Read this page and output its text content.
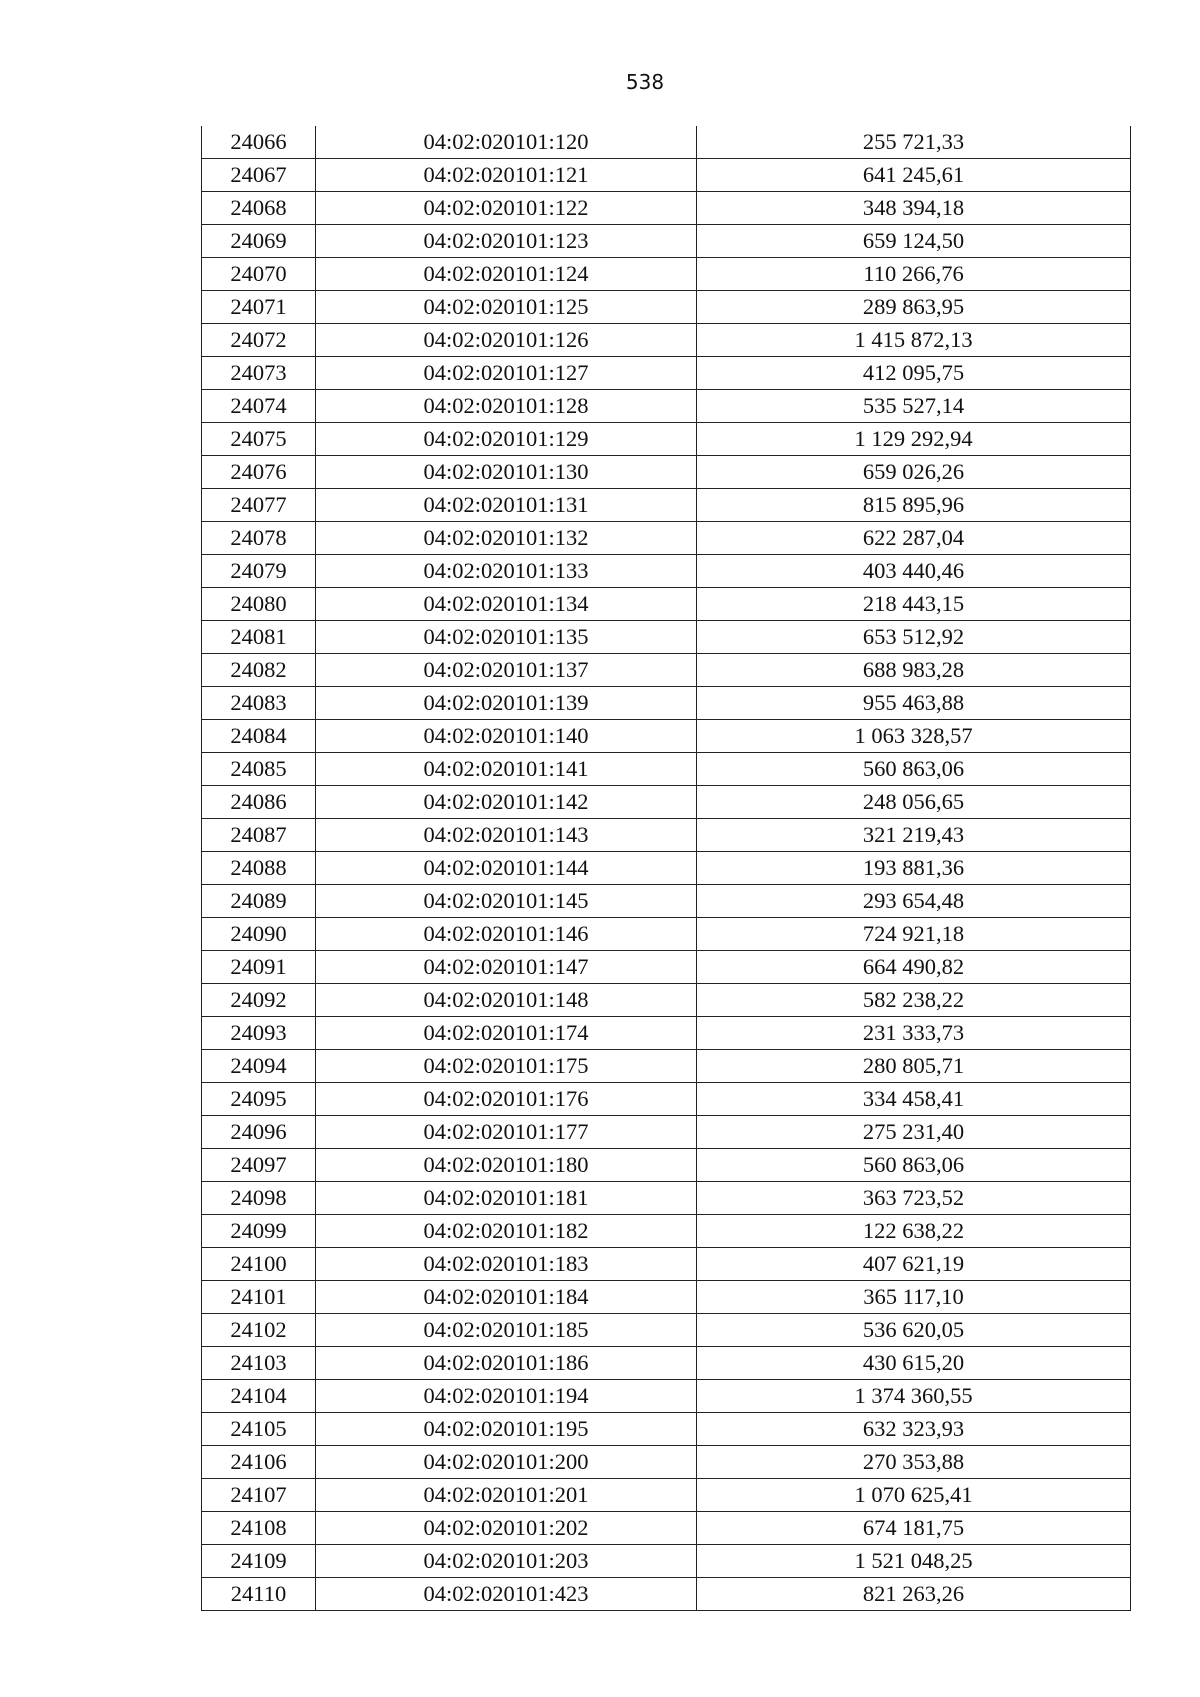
538
24066	04:02:020101:120	255 721,33
24067	04:02:020101:121	641 245,61
24068	04:02:020101:122	348 394,18
24069	04:02:020101:123	659 124,50
24070	04:02:020101:124	110 266,76
24071	04:02:020101:125	289 863,95
24072	04:02:020101:126	1 415 872,13
24073	04:02:020101:127	412 095,75
24074	04:02:020101:128	535 527,14
24075	04:02:020101:129	1 129 292,94
24076	04:02:020101:130	659 026,26
24077	04:02:020101:131	815 895,96
24078	04:02:020101:132	622 287,04
24079	04:02:020101:133	403 440,46
24080	04:02:020101:134	218 443,15
24081	04:02:020101:135	653 512,92
24082	04:02:020101:137	688 983,28
24083	04:02:020101:139	955 463,88
24084	04:02:020101:140	1 063 328,57
24085	04:02:020101:141	560 863,06
24086	04:02:020101:142	248 056,65
24087	04:02:020101:143	321 219,43
24088	04:02:020101:144	193 881,36
24089	04:02:020101:145	293 654,48
24090	04:02:020101:146	724 921,18
24091	04:02:020101:147	664 490,82
24092	04:02:020101:148	582 238,22
24093	04:02:020101:174	231 333,73
24094	04:02:020101:175	280 805,71
24095	04:02:020101:176	334 458,41
24096	04:02:020101:177	275 231,40
24097	04:02:020101:180	560 863,06
24098	04:02:020101:181	363 723,52
24099	04:02:020101:182	122 638,22
24100	04:02:020101:183	407 621,19
24101	04:02:020101:184	365 117,10
24102	04:02:020101:185	536 620,05
24103	04:02:020101:186	430 615,20
24104	04:02:020101:194	1 374 360,55
24105	04:02:020101:195	632 323,93
24106	04:02:020101:200	270 353,88
24107	04:02:020101:201	1 070 625,41
24108	04:02:020101:202	674 181,75
24109	04:02:020101:203	1 521 048,25
24110	04:02:020101:423	821 263,26
